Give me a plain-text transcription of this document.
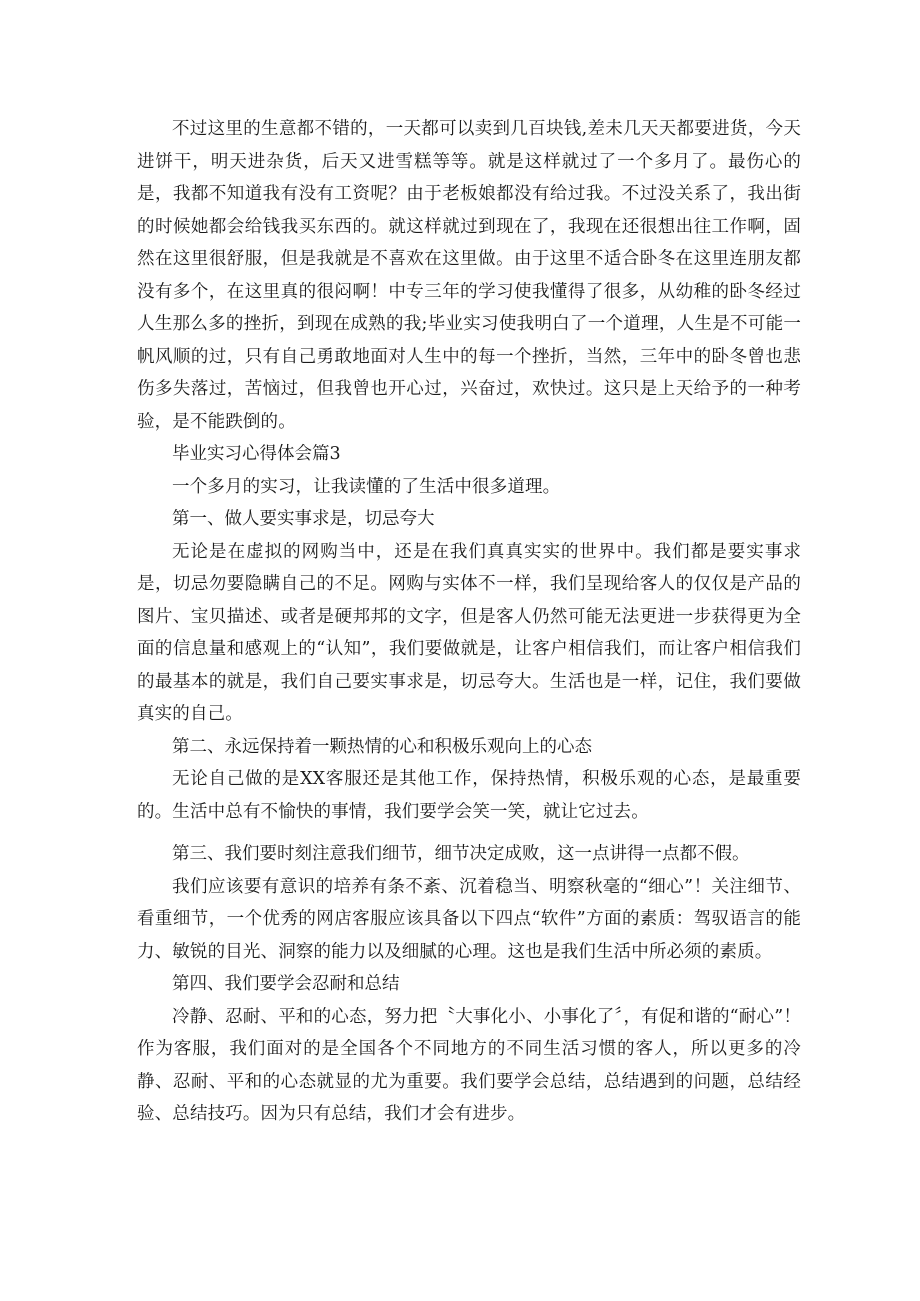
不过这里的生意都不错的，一天都可以卖到几百块钱,差未几天天都要进货，今天进饼干，明天进杂货，后天又进雪糕等等。就是这样就过了一个多月了。最伤心的是，我都不知道我有没有工资呢？由于老板娘都没有给过我。不过没关系了，我出街的时候她都会给钱我买东西的。就这样就过到现在了，我现在还很想出往工作啊，固然在这里很舒服，但是我就是不喜欢在这里做。由于这里不适合卧冬在这里连朋友都没有多个，在这里真的很闷啊！中专三年的学习使我懂得了很多，从幼稚的卧冬经过人生那么多的挫折，到现在成熟的我;毕业实习使我明白了一个道理，人生是不可能一帆风顺的过，只有自己勇敢地面对人生中的每一个挫折，当然，三年中的卧冬曾也悲伤多失落过，苦恼过，但我曾也开心过，兴奋过，欢快过。这只是上天给予的一种考验，是不能跌倒的。

毕业实习心得体会篇3

一个多月的实习，让我读懂的了生活中很多道理。

第一、做人要实事求是，切忌夸大

无论是在虚拟的网购当中，还是在我们真真实实的世界中。我们都是要实事求是，切忌勿要隐瞒自己的不足。网购与实体不一样，我们呈现给客人的仅仅是产品的图片、宝贝描述、或者是硬邦邦的文字，但是客人仍然可能无法更进一步获得更为全面的信息量和感观上的“认知”，我们要做就是，让客户相信我们，而让客户相信我们的最基本的就是，我们自己要实事求是，切忌夸大。生活也是一样，记住，我们要做真实的自己。

第二、永远保持着一颗热情的心和积极乐观向上的心态

无论自己做的是XX客服还是其他工作，保持热情，积极乐观的心态，是最重要的。生活中总有不愉快的事情，我们要学会笑一笑，就让它过去。

第三、我们要时刻注意我们细节，细节决定成败，这一点讲得一点都不假。

我们应该要有意识的培养有条不紊、沉着稳当、明察秋毫的“细心”！关注细节、看重细节，一个优秀的网店客服应该具备以下四点“软件”方面的素质：驾驭语言的能力、敏锐的目光、洞察的能力以及细腻的心理。这也是我们生活中所必须的素质。

第四、我们要学会忍耐和总结

冷静、忍耐、平和的心态，努力把〝大事化小、小事化了〞，有促和谐的“耐心”！作为客服，我们面对的是全国各个不同地方的不同生活习惯的客人，所以更多的冷静、忍耐、平和的心态就显的尤为重要。我们要学会总结，总结遇到的问题，总结经验、总结技巧。因为只有总结，我们才会有进步。
